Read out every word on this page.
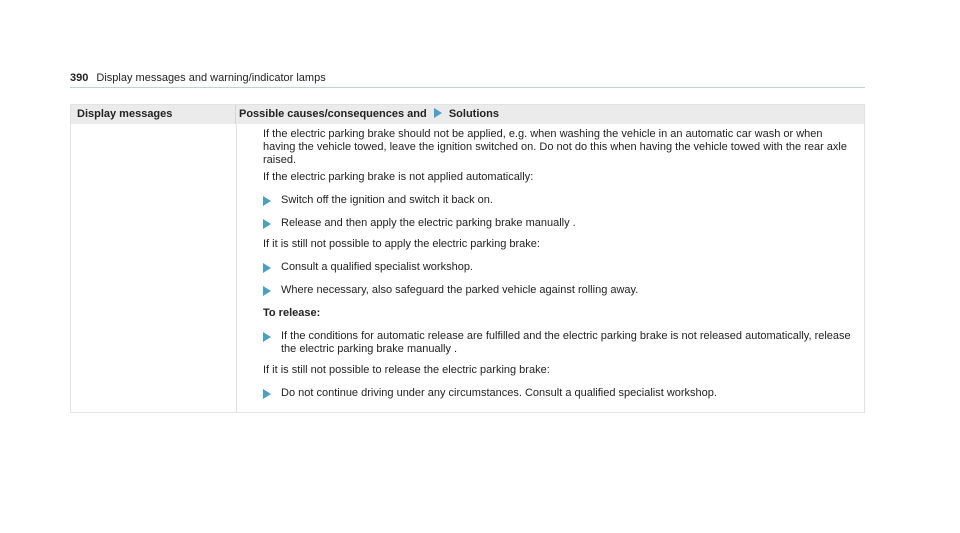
390 Display messages and warning/indicator lamps
Display messages	Possible causes/consequences and Solutions

If the electric parking brake should not be applied, e.g. when washing the vehicle in an automatic car wash or when having the vehicle towed, leave the ignition switched on. Do not do this when having the vehicle towed with the rear axle raised.

If the electric parking brake is not applied automatically:

Switch off the ignition and switch it back on.
Release and then apply the electric parking brake manually .

If it is still not possible to apply the electric parking brake:

Consult a qualified specialist workshop.
Where necessary, also safeguard the parked vehicle against rolling away.

To release:

If the conditions for automatic release are fulfilled and the electric parking brake is not released automatically, release the electric parking brake manually .

If it is still not possible to release the electric parking brake:

Do not continue driving under any circumstances. Consult a qualified specialist workshop.
